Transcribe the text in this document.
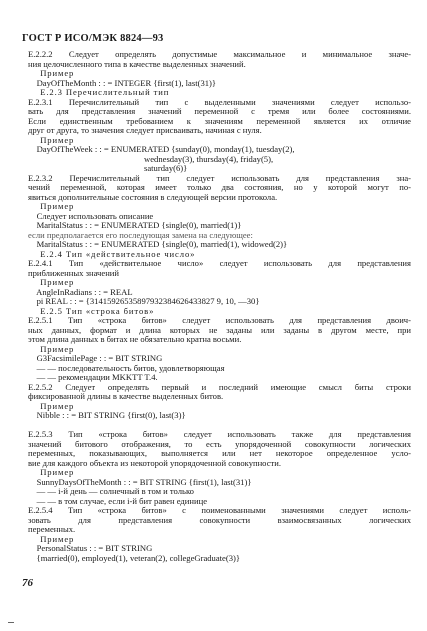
ГОСТ Р ИСО/МЭК 8824—93
E.2.2.2 Следует определять допустимые максимальное и минимальное значе-
ния целочисленного типа в качестве выделенных значений.
Пример
DayOfTheMonth : : = INTEGER {first(1), last(31)}
E.2.3 Перечислительный тип
E.2.3.1 Перечислительный тип с выделенными значениями следует использо-
вать для представления значений переменной с тремя или более состояниями.
Если единственным требованием к значениям переменной является их отличие
друг от друга, то значения следует присваивать, начиная с нуля.
Пример
DayOfTheWeek : : = ENUMERATED {sunday(0), monday(1), tuesday(2),
wednesday(3), thursday(4), friday(5),
saturday(6)}
E.2.3.2 Перечислительный тип следует использовать для представления зна-
чений переменной, которая имеет только два состояния, но у которой могут по-
явиться дополнительные состояния в следующей версии протокола.
Пример
Следует использовать описание
MaritalStatus : : = ENUMERATED {single(0), married(1)}
если предполагается его последующая замена на следующее:
MaritalStatus : : = ENUMERATED {single(0), married(1), widowed(2)}
E.2.4 Тип «действительное число»
E.2.4.1 Тип «действительное число» следует использовать для представления
приближенных значений
Пример
AngleInRadians : : = REAL
pi REAL : : = {31415926535897932384626433827 9, 10, —30}
E.2.5 Тип «строка битов»
E.2.5.1 Тип «строка битов» следует использовать для представления двоич-
ных данных, формат и длина которых не заданы или заданы в другом месте, при
этом длина данных в битах не обязательно кратна восьми.
Пример
G3FacsimilePage : : = BIT STRING
— — последовательность битов, удовлетворяющая
— — рекомендации MKKTT T.4.
E.2.5.2 Следует определять первый и последний имеющие смысл биты строки
фиксированной длины в качестве выделенных битов.
Пример
Nibble : : = BIT STRING {first(0), last(3)}
E.2.5.3 Тип «строка битов» следует использовать также для представления
значений битового отображения, то есть упорядоченной совокупности логических
переменных, показывающих, выполняется или нет некоторое определенное усло-
вие для каждого объекта из некоторой упорядоченной совокупности.
Пример
SunnyDaysOfTheMonth : : = BIT STRING {first(1), last(31)}
— — i-й день — солнечный в том и только
— — в том случае, если i-й бит равен единице
E.2.5.4 Тип «строка битов» с поименованными значениями следует исполь-
зовать для представления совокупности взаимосвязанных логических
переменных.
Пример
PersonalStatus : : = BIT STRING
{married(0), employed(1), veteran(2), collegeGraduate(3)}
76
